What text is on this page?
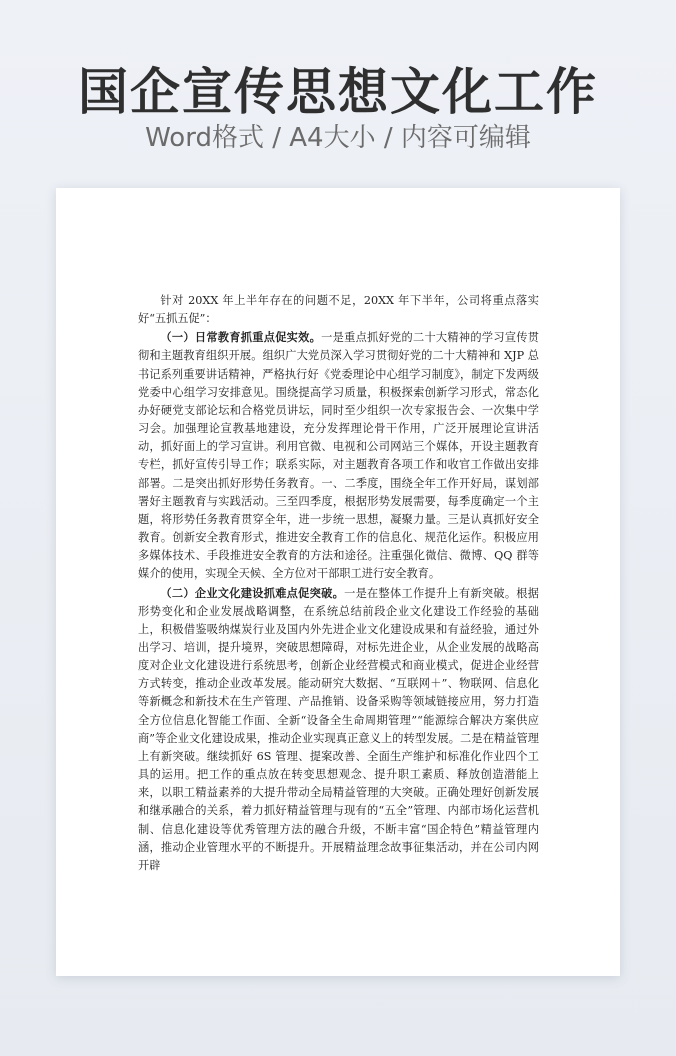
国企宣传思想文化工作
Word格式 / A4大小 / 内容可编辑

针对 20XX 年上半年存在的问题不足，20XX 年下半年，公司将重点落实好“五抓五促”：

（一）日常教育抓重点促实效。一是重点抓好党的二十大精神的学习宣传贯彻和主题教育组织开展。组织广大党员深入学习贯彻好党的二十大精神和 XJP 总书记系列重要讲话精神，严格执行好《党委理论中心组学习制度》，制定下发两级党委中心组学习安排意见。围绕提高学习质量，积极探索创新学习形式，常态化办好硬党支部论坛和合格党员讲坛，同时至少组织一次专家报告会、一次集中学习会。加强理论宣教基地建设，充分发挥理论骨干作用，广泛开展理论宣讲活动，抓好面上的学习宣讲。利用官微、电视和公司网站三个媒体，开设主题教育专栏，抓好宣传引导工作；联系实际，对主题教育各项工作和收官工作做出安排部署。二是突出抓好形势任务教育。一、二季度，围绕全年工作开好局，谋划部署好主题教育与实践活动。三至四季度，根据形势发展需要，每季度确定一个主题，将形势任务教育贯穿全年，进一步统一思想，凝聚力量。三是认真抓好安全教育。创新安全教育形式，推进安全教育工作的信息化、规范化运作。积极应用多媒体技术、手段推进安全教育的方法和途径。注重强化微信、微博、QQ 群等媒介的使用，实现全天候、全方位对干部职工进行安全教育。

（二）企业文化建设抓难点促突破。一是在整体工作提升上有新突破。根据形势变化和企业发展战略调整，在系统总结前段企业文化建设工作经验的基础上，积极借鉴吸纳煤炭行业及国内外先进企业文化建设成果和有益经验，通过外出学习、培训，提升境界，突破思想障碍，对标先进企业，从企业发展的战略高度对企业文化建设进行系统思考，创新企业经营模式和商业模式，促进企业经营方式转变，推动企业改革发展。能动研究大数据、“互联网＋”、物联网、信息化等新概念和新技术在生产管理、产品推销、设备采购等领域链接应用，努力打造全方位信息化智能工作面、全新“设备全生命周期管理”“能源综合解决方案供应商”等企业文化建设成果，推动企业实现真正意义上的转型发展。二是在精益管理上有新突破。继续抓好 6S 管理、提案改善、全面生产维护和标准化作业四个工具的运用。把工作的重点放在转变思想观念、提升职工素质、释放创造潜能上来，以职工精益素养的大提升带动全局精益管理的大突破。正确处理好创新发展和继承融合的关系，着力抓好精益管理与现有的“五全”管理、内部市场化运营机制、信息化建设等优秀管理方法的融合升级，不断丰富“国企特色”精益管理内涵，推动企业管理水平的不断提升。开展精益理念故事征集活动，并在公司内网开辟
